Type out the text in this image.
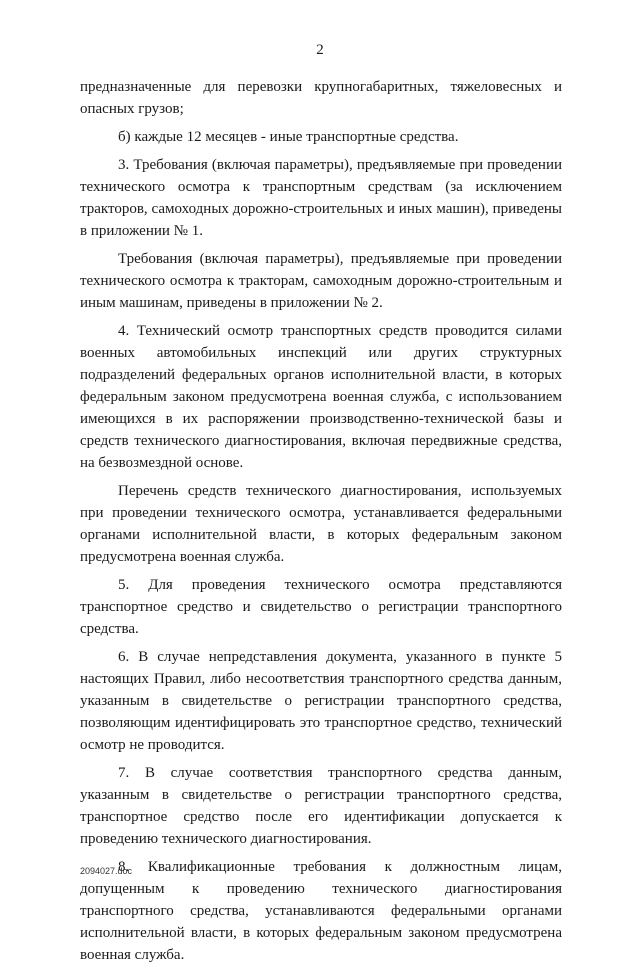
2

предназначенные для перевозки крупногабаритных, тяжеловесных и опасных грузов;

б) каждые 12 месяцев - иные транспортные средства.

3. Требования (включая параметры), предъявляемые при проведении технического осмотра к транспортным средствам (за исключением тракторов, самоходных дорожно-строительных и иных машин), приведены в приложении № 1.

Требования (включая параметры), предъявляемые при проведении технического осмотра к тракторам, самоходным дорожно-строительным и иным машинам, приведены в приложении № 2.

4. Технический осмотр транспортных средств проводится силами военных автомобильных инспекций или других структурных подразделений федеральных органов исполнительной власти, в которых федеральным законом предусмотрена военная служба, с использованием имеющихся в их распоряжении производственно-технической базы и средств технического диагностирования, включая передвижные средства, на безвозмездной основе.

Перечень средств технического диагностирования, используемых при проведении технического осмотра, устанавливается федеральными органами исполнительной власти, в которых федеральным законом предусмотрена военная служба.

5. Для проведения технического осмотра представляются транспортное средство и свидетельство о регистрации транспортного средства.

6. В случае непредставления документа, указанного в пункте 5 настоящих Правил, либо несоответствия транспортного средства данным, указанным в свидетельстве о регистрации транспортного средства, позволяющим идентифицировать это транспортное средство, технический осмотр не проводится.

7. В случае соответствия транспортного средства данным, указанным в свидетельстве о регистрации транспортного средства, транспортное средство после его идентификации допускается к проведению технического диагностирования.

8. Квалификационные требования к должностным лицам, допущенным к проведению технического диагностирования транспортного средства, устанавливаются федеральными органами исполнительной власти, в которых федеральным законом предусмотрена военная служба.

2094027.doc
